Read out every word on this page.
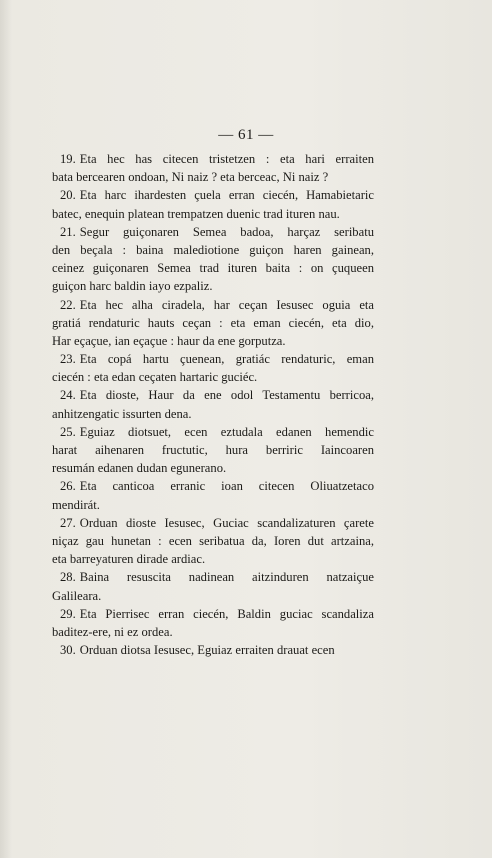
— 61 —
19. Eta hec has citecen tristetzen : eta hari erraiten
bata bercearen ondoan, Ni naiz ? eta berceac, Ni naiz ?
20. Eta harc ihardesten çuela erran ciecén, Hamabietaric
batec, enequin platean trempatzen duenic trad ituren nau.
21. Segur guiçonaren Semea badoa, harçaz seribatu
den beçala : baina malediotione guiçon haren gainean,
ceinez guiçonaren Semea trad ituren baita : on çuqueen
guiçon harc baldin iayo ezpaliz.
22. Eta hec alha ciradela, har ceçan Iesusec oguia eta
gratiá rendaturic hauts ceçan : eta eman ciecén, eta dio,
Har eçaçue, ian eçaçue : haur da ene gorputza.
23. Eta copá hartu çuenean, gratiác rendaturic, eman
ciecén : eta edan ceçaten hartaric guciéc.
24. Eta dioste, Haur da ene odol Testamentu berricoa,
anhitzengatic issurten dena.
25. Eguiaz diotsuet, ecen eztudala edanen hemendic
harat aihenaren fructutic, hura berriric Iaincoaren
resumán edanen dudan egunerano.
26. Eta canticoa erranic ioan citecen Oliuatzetaco
mendirát.
27. Orduan dioste Iesusec, Guciac scandalizaturen çarete
niçaz gau hunetan : ecen seribatua da, Ioren dut artzaina,
eta barreyaturen dirade ardiac.
28. Baina resuscita nadinean aitzinduren natzaiçue
Galileara.
29. Eta Pierrisec erran ciecén, Baldin guciac scandaliza
baditez-ere, ni ez ordea.
30. Orduan diotsa Iesusec, Eguiaz erraiten drauat ecen
